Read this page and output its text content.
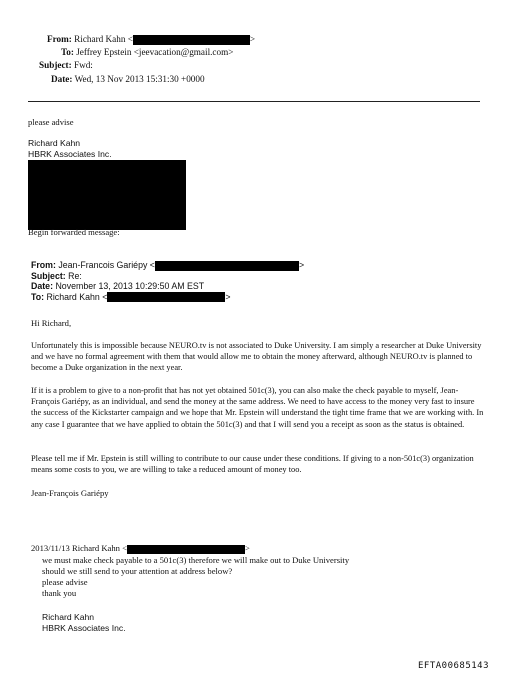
From: Richard Kahn <	>
To: Jeffrey Epstein <jeevacation@gmail.com>
Subject: Fwd:
Date: Wed, 13 Nov 2013 15:31:30 +0000
please advise
Richard Kahn
HBRK Associates Inc.
Begin forwarded message:
From: Jean-Francois Gariépy <	>
Subject: Re:
Date: November 13, 2013 10:29:50 AM EST
To: Richard Kahn <	>
Hi Richard,
Unfortunately this is impossible because NEURO.tv is not associated to Duke University. I am simply a researcher at Duke University and we have no formal agreement with them that would allow me to obtain the money afterward, although NEURO.tv is planned to become a Duke organization in the next year.
If it is a problem to give to a non-profit that has not yet obtained 501c(3), you can also make the check payable to myself, Jean-François Gariépy, as an individual, and send the money at the same address. We need to have access to the money very fast to insure the success of the Kickstarter campaign and we hope that Mr. Epstein will understand the tight time frame that we are working with. In any case I guarantee that we have applied to obtain the 501c(3) and that I will send you a receipt as soon as the status is obtained.
Please tell me if Mr. Epstein is still willing to contribute to our cause under these conditions. If giving to a non-501c(3) organization means some costs to you, we are willing to take a reduced amount of money too.
Jean-François Gariépy
2013/11/13 Richard Kahn <	>
we must make check payable to a 501c(3) therefore we will make out to Duke University
should we still send to your attention at address below?
please advise
thank you
Richard Kahn
HBRK Associates Inc.
EFTA00685143
